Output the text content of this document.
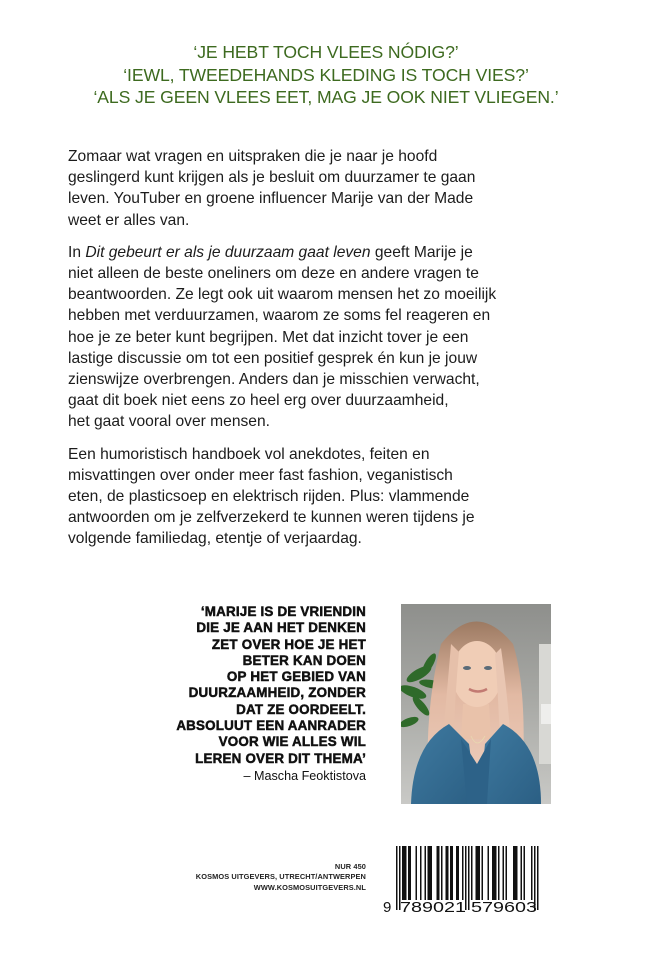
‘JE HEBT TOCH VLEES NÓDIG?’
‘IEWL, TWEEDEHANDS KLEDING IS TOCH VIES?’
‘ALS JE GEEN VLEES EET, MAG JE OOK NIET VLIEGEN.’

Zomaar wat vragen en uitspraken die je naar je hoofd
geslingerd kunt krijgen als je besluit om duurzamer te gaan
leven. YouTuber en groene influencer Marije van der Made
weet er alles van.

In Dit gebeurt er als je duurzaam gaat leven geeft Marije je
niet alleen de beste oneliners om deze en andere vragen te
beantwoorden. Ze legt ook uit waarom mensen het zo moeilijk
hebben met verduurzamen, waarom ze soms fel reageren en
hoe je ze beter kunt begrijpen. Met dat inzicht tover je een
lastige discussie om tot een positief gesprek én kun je jouw
zienswijze overbrengen. Anders dan je misschien verwacht,
gaat dit boek niet eens zo heel erg over duurzaamheid,
het gaat vooral over mensen.

Een humoristisch handboek vol anekdotes, feiten en
misvattingen over onder meer fast fashion, veganistisch
eten, de plasticsoep en elektrisch rijden. Plus: vlammende
antwoorden om je zelfverzekerd te kunnen weren tijdens je
volgende familiedag, etentje of verjaardag.

‘MARIJE IS DE VRIENDIN
DIE JE AAN HET DENKEN
ZET OVER HOE JE HET
BETER KAN DOEN
OP HET GEBIED VAN
DUURZAAMHEID, ZONDER
DAT ZE OORDEELT.
ABSOLUUT EEN AANRADER
VOOR WIE ALLES WIL
LEREN OVER DIT THEMA’
– Mascha Feoktistova
NUR 450
KOSMOS UITGEVERS, UTRECHT/ANTWERPEN
WWW.KOSMOSUITGEVERS.NL
9 789021 579603
